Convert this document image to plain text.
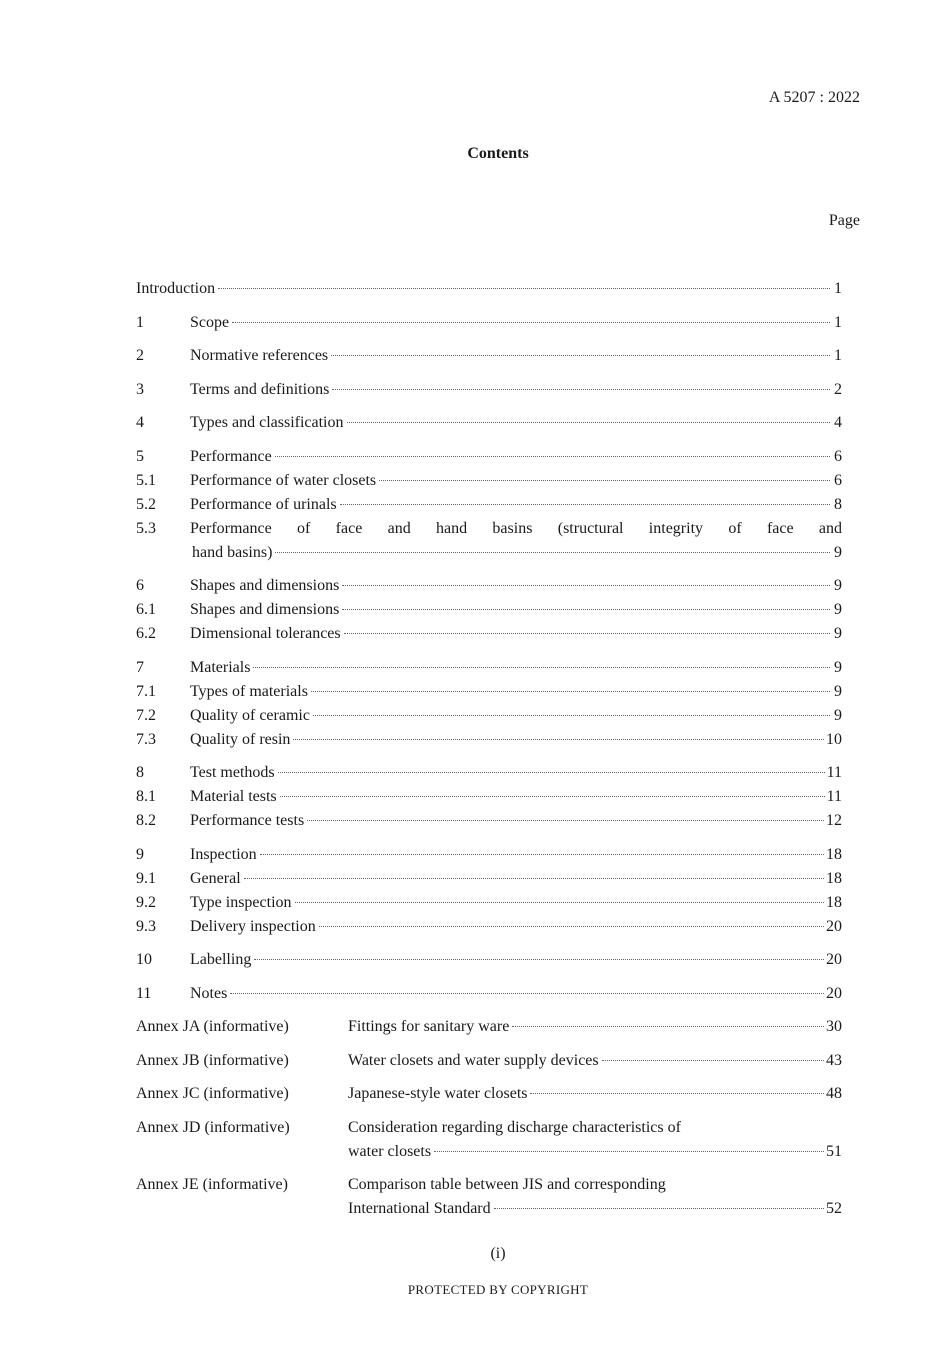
A 5207 : 2022
Contents
Page
Introduction	1
1	Scope	1
2	Normative references	1
3	Terms and definitions	2
4	Types and classification	4
5	Performance	6
5.1	Performance of water closets	6
5.2	Performance of urinals	8
5.3	Performance of face and hand basins (structural integrity of face and
hand basins)	9
6	Shapes and dimensions	9
6.1	Shapes and dimensions	9
6.2	Dimensional tolerances	9
7	Materials	9
7.1	Types of materials	9
7.2	Quality of ceramic	9
7.3	Quality of resin	10
8	Test methods	11
8.1	Material tests	11
8.2	Performance tests	12
9	Inspection	18
9.1	General	18
9.2	Type inspection	18
9.3	Delivery inspection	20
10	Labelling	20
11	Notes	20
Annex JA (informative)	Fittings for sanitary ware	30
Annex JB (informative)	Water closets and water supply devices	43
Annex JC (informative)	Japanese-style water closets	48
Annex JD (informative)	Consideration regarding discharge characteristics of
water closets	51
Annex JE (informative)	Comparison table between JIS and corresponding
International Standard	52
(i)
PROTECTED BY COPYRIGHT
